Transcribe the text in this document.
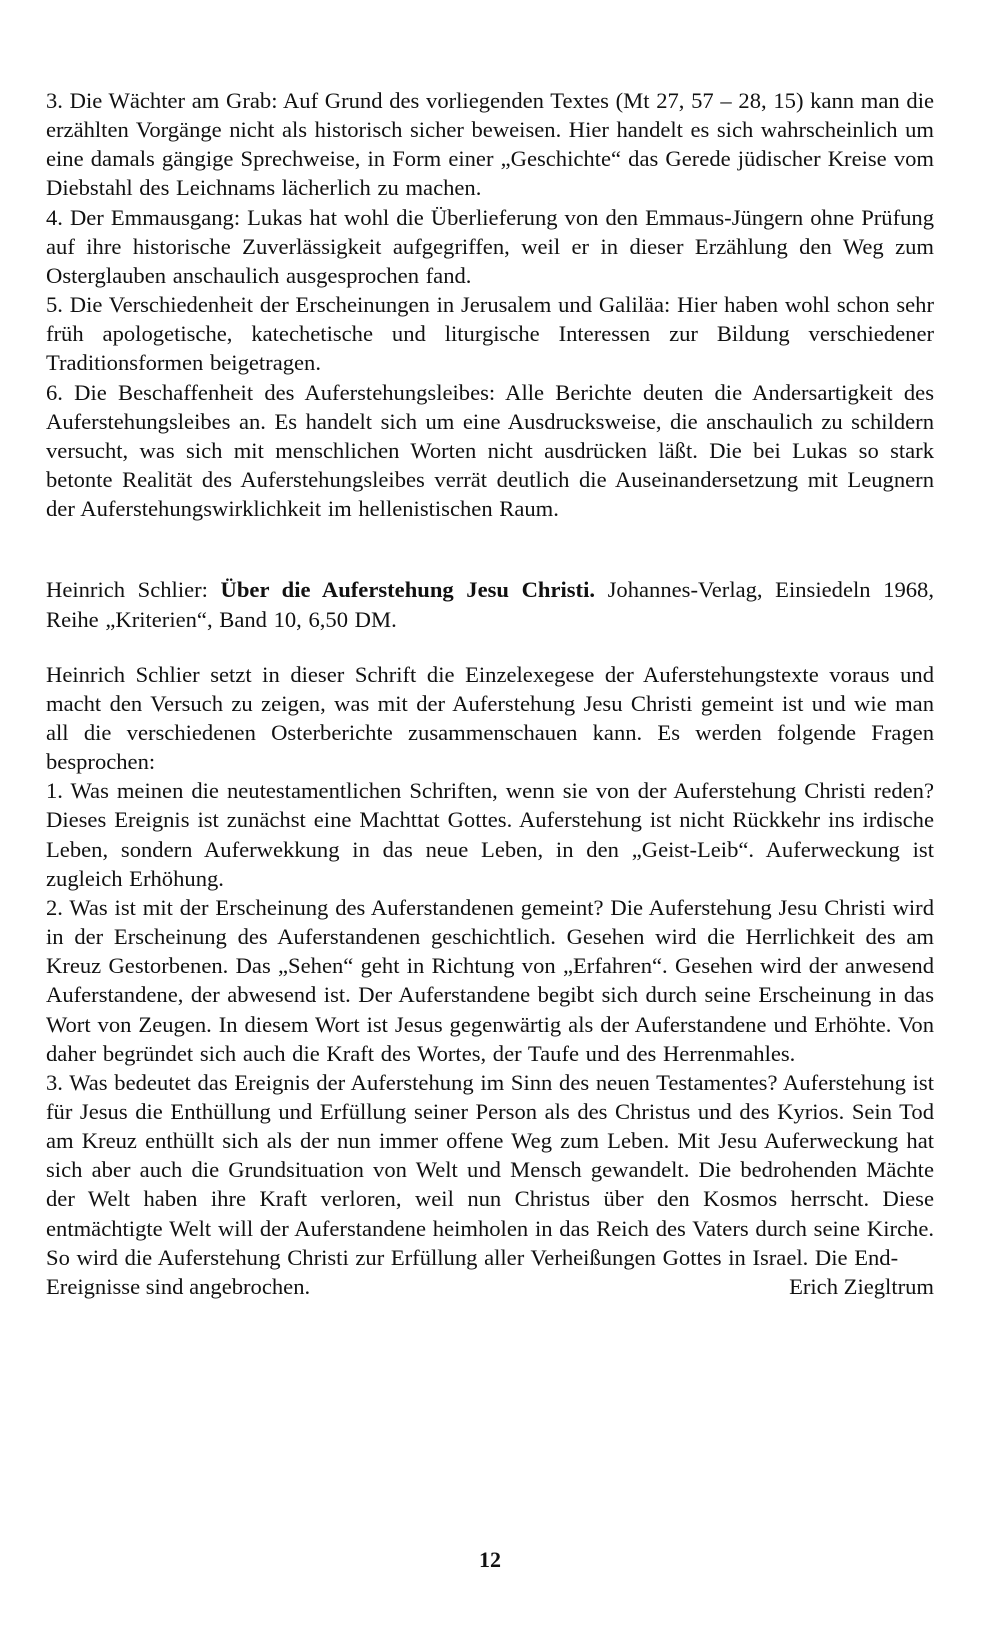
3. Die Wächter am Grab: Auf Grund des vorliegenden Textes (Mt 27, 57 – 28, 15) kann man die erzählten Vorgänge nicht als historisch sicher beweisen. Hier handelt es sich wahrscheinlich um eine damals gängige Sprechweise, in Form einer „Geschichte“ das Gerede jüdischer Kreise vom Diebstahl des Leichnams lächerlich zu machen.

4. Der Emmausgang: Lukas hat wohl die Überlieferung von den Emmaus-Jüngern ohne Prüfung auf ihre historische Zuverlässigkeit aufgegriffen, weil er in dieser Erzählung den Weg zum Osterglauben anschaulich ausgesprochen fand.

5. Die Verschiedenheit der Erscheinungen in Jerusalem und Galiläa: Hier haben wohl schon sehr früh apologetische, katechetische und liturgische Interessen zur Bildung verschiedener Traditionsformen beigetragen.

6. Die Beschaffenheit des Auferstehungsleibes: Alle Berichte deuten die Andersartigkeit des Auferstehungsleibes an. Es handelt sich um eine Ausdrucksweise, die anschaulich zu schildern versucht, was sich mit menschlichen Worten nicht ausdrücken läßt. Die bei Lukas so stark betonte Realität des Auferstehungsleibes verrät deutlich die Auseinandersetzung mit Leugnern der Auferstehungswirklichkeit im hellenistischen Raum.

Heinrich Schlier: Über die Auferstehung Jesu Christi. Johannes-Verlag, Einsiedeln 1968, Reihe „Kriterien“, Band 10, 6,50 DM.

Heinrich Schlier setzt in dieser Schrift die Einzelexegese der Auferstehungstexte voraus und macht den Versuch zu zeigen, was mit der Auferstehung Jesu Christi gemeint ist und wie man all die verschiedenen Osterberichte zusammenschauen kann. Es werden folgende Fragen besprochen:

1. Was meinen die neutestamentlichen Schriften, wenn sie von der Auferstehung Christi reden? Dieses Ereignis ist zunächst eine Machttat Gottes. Auferstehung ist nicht Rückkehr ins irdische Leben, sondern Auferwekkung in das neue Leben, in den „Geist-Leib“. Auferweckung ist zugleich Erhöhung.

2. Was ist mit der Erscheinung des Auferstandenen gemeint? Die Auferstehung Jesu Christi wird in der Erscheinung des Auferstandenen geschichtlich. Gesehen wird die Herrlichkeit des am Kreuz Gestorbenen. Das „Sehen“ geht in Richtung von „Erfahren“. Gesehen wird der anwesend Auferstandene, der abwesend ist. Der Auferstandene begibt sich durch seine Erscheinung in das Wort von Zeugen. In diesem Wort ist Jesus gegenwärtig als der Auferstandene und Erhöhte. Von daher begründet sich auch die Kraft des Wortes, der Taufe und des Herrenmahles.

3. Was bedeutet das Ereignis der Auferstehung im Sinn des neuen Testamentes? Auferstehung ist für Jesus die Enthüllung und Erfüllung seiner Person als des Christus und des Kyrios. Sein Tod am Kreuz enthüllt sich als der nun immer offene Weg zum Leben. Mit Jesu Auferweckung hat sich aber auch die Grundsituation von Welt und Mensch gewandelt. Die bedrohenden Mächte der Welt haben ihre Kraft verloren, weil nun Christus über den Kosmos herrscht. Diese entmächtigte Welt will der Auferstandene heimholen in das Reich des Vaters durch seine Kirche. So wird die Auferstehung Christi zur Erfüllung aller Verheißungen Gottes in Israel. Die End-

Ereignisse sind angebrochen.	Erich Ziegltrum
12
